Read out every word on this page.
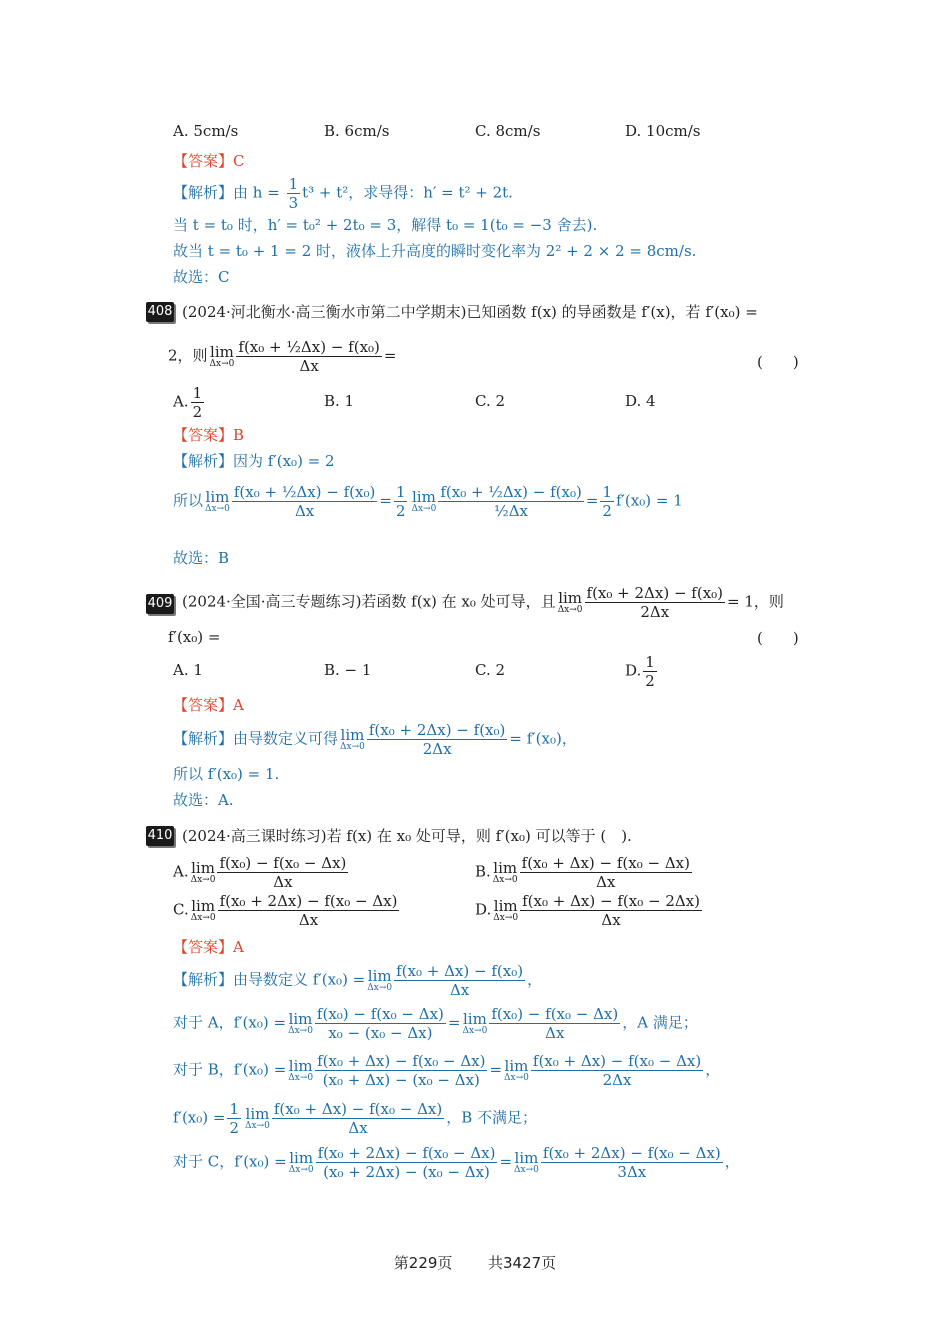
A. 5cm/s	B. 6cm/s	C. 8cm/s	D. 10cm/s
【答案】C
【解析】由 $h = \frac{1}{3} t^3 + t^2$，求导得：h′ = t² + 2t.
当 t = t₀ 时，h′ = t₀² + 2t₀ = 3，解得 t₀ = 1(t₀ = −3 舍去).
故当 t = t₀ + 1 = 2 时，液体上升高度的瞬时变化率为 2² + 2 × 2 = 8cm/s.
故选：C
408 (2024·河北衡水·高三衡水市第二中学期末)已知函数 f(x) 的导函数是 f′(x)，若 f′(x₀) =
2，则 lim
$\Delta x\to 0 \frac{\text{f(x₀ + ½Δx) − f(x₀)}}{\Delta x}$ =	(　　)
A. $\frac{1}{2}$	B. 1	C. 2	D. 4
【答案】B
【解析】因为 f′(x₀) = 2
所以 lim
$\Delta x\to 0 \frac{\text{f(x₀ + ½Δx) − f(x₀)}}{\Delta x} = \frac{1}{2}$ lim
$\Delta x\to 0 \frac{\text{f(x₀ + ½Δx) − f(x₀)}}{\text{½Δx}} = \frac{1}{2} f'(x_0) = 1$
故选：B
409 (2024·全国·高三专题练习)若函数 f(x) 在 x₀ 处可导，且 lim
$\Delta x\to 0 \frac{\text{f(x₀ + 2Δx) − f(x₀)}}{2\Delta x} = 1$，则
f′(x₀) =	(　　)
A. 1	B. − 1	C. 2	D. $\frac{1}{2}$
【答案】A
【解析】由导数定义可得 lim
$\Delta x\to 0 \frac{\text{f(x₀ + 2Δx) − f(x₀)}}{2\Delta x} = f'(x_0)$，
所以 f′(x₀) = 1.
故选：A.
410 (2024·高三课时练习)若 f(x) 在 x₀ 处可导，则 f′(x₀) 可以等于 (　).
A. lim
$\Delta x\to 0 \frac{\text{f(x₀) − f(x₀ − Δx)}}{\Delta x}$	B. lim
$\Delta x\to 0 \frac{\text{f(x₀ + Δx) − f(x₀ − Δx)}}{\Delta x}$
C. lim
$\Delta x\to 0 \frac{\text{f(x₀ + 2Δx) − f(x₀ − Δx)}}{\Delta x}$	D. lim
$\Delta x\to 0 \frac{\text{f(x₀ + Δx) − f(x₀ − 2Δx)}}{\Delta x}$
【答案】A
【解析】由导数定义 f′(x₀) = lim
$\Delta x\to 0 \frac{\text{f(x₀ + Δx) − f(x₀)}}{\Delta x}$ ，
对于 A，f′(x₀) = lim
$\Delta x\to 0 \frac{\text{f(x₀) − f(x₀ − Δx)}}{\text{x₀ − (x₀ − Δx)}} = \lim$
$\Delta x\to 0 \frac{\text{f(x₀) − f(x₀ − Δx)}}{\Delta x}$ ，A 满足；
对于 B，f′(x₀) = lim
$\Delta x\to 0 \frac{\text{f(x₀ + Δx) − f(x₀ − Δx)}}{\text{(x₀ + Δx) − (x₀ − Δx)}} = \lim$
$\Delta x\to 0 \frac{\text{f(x₀ + Δx) − f(x₀ − Δx)}}{2\Delta x}$ ，
$f'(x_0) = \frac{1}{2}$ lim
$\Delta x\to 0 \frac{\text{f(x₀ + Δx) − f(x₀ − Δx)}}{\Delta x}$ ，B 不满足；
对于 C，f′(x₀) = lim
$\Delta x\to 0 \frac{\text{f(x₀ + 2Δx) − f(x₀ − Δx)}}{\text{(x₀ + 2Δx) − (x₀ − Δx)}} = \lim$
$\Delta x\to 0 \frac{\text{f(x₀ + 2Δx) − f(x₀ − Δx)}}{3\Delta x}$ ，
第229页 共3427页
